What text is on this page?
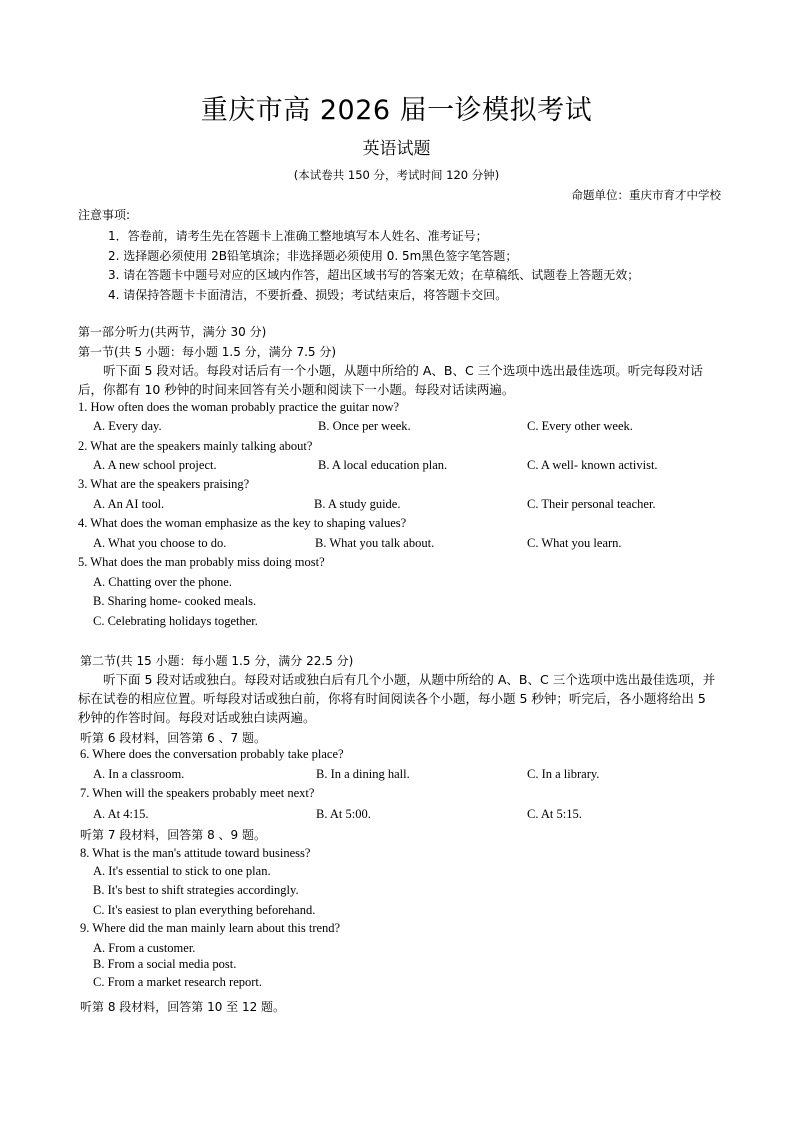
重庆市高 2026 届一诊模拟考试
英语试题
(本试卷共 150 分，考试时间 120 分钟)
命题单位：重庆市育才中学校
注意事项:
1．答卷前，请考生先在答题卡上准确工整地填写本人姓名、准考证号；
2. 选择题必须使用 2B铅笔填涂；非选择题必须使用 0. 5m黑色签字笔答题；
3. 请在答题卡中题号对应的区域内作答，超出区域书写的答案无效；在草稿纸、试题卷上答题无效；
4. 请保持答题卡卡面清洁，不要折叠、损毁；考试结束后，将答题卡交回。
第一部分听力(共两节，满分 30 分)
第一节(共 5 小题：每小题 1.5 分，满分 7.5 分)
听下面 5 段对话。每段对话后有一个小题，从题中所给的 A、B、C 三个选项中选出最佳选项。听完每段对话后，你都有 10 秒钟的时间来回答有关小题和阅读下一小题。每段对话读两遍。
1. How often does the woman probably practice the guitar now?
A. Every day.	B. Once per week.	C. Every other week.
2. What are the speakers mainly talking about?
A. A new school project.	B. A local education plan.	C. A well- known activist.
3. What are the speakers praising?
A. An AI tool.	B. A study guide.	C. Their personal teacher.
4. What does the woman emphasize as the key to shaping values?
A. What you choose to do.	B. What you talk about.	C. What you learn.
5. What does the man probably miss doing most?
A. Chatting over the phone.
B. Sharing home- cooked meals.
C. Celebrating holidays together.
第二节(共 15 小题：每小题 1.5 分，满分 22.5 分)
听下面 5 段对话或独白。每段对话或独白后有几个小题，从题中所给的 A、B、C 三个选项中选出最佳选项，并标在试卷的相应位置。听每段对话或独白前，你将有时间阅读各个小题，每小题 5 秒钟；听完后，各小题将给出 5 秒钟的作答时间。每段对话或独白读两遍。
听第 6 段材料，回答第 6 、7 题。
6. Where does the conversation probably take place?
A. In a classroom.	B. In a dining hall.	C. In a library.
7. When will the speakers probably meet next?
A. At 4:15.	B. At 5:00.	C. At 5:15.
听第 7 段材料，回答第 8 、9 题。
8. What is the man's attitude toward business?
A. It's essential to stick to one plan.
B. It's best to shift strategies accordingly.
C. It's easiest to plan everything beforehand.
9. Where did the man mainly learn about this trend?
A. From a customer.
B. From a social media post.
C. From a market research report.
听第 8 段材料，回答第 10 至 12 题。
